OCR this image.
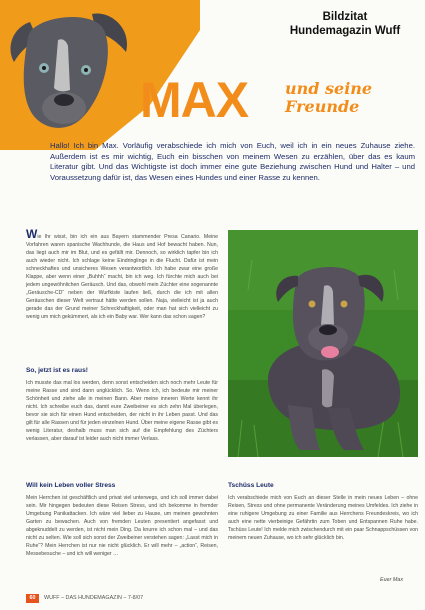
Bildzitat
Hundemagazin Wuff
MAX und seine Freunde
Hallo! Ich bin Max. Vorläufig verabschiede ich mich von Euch, weil ich in ein neues Zuhause ziehe. Außerdem ist es mir wichtig, Euch ein bisschen von meinem Wesen zu erzählen, über das es kaum Literatur gibt. Und das Wichtigste ist doch immer eine gute Beziehung zwischen Hund und Halter – und Voraussetzung dafür ist, das Wesen eines Hundes und einer Rasse zu kennen.

Wie Ihr wisst, bin ich ein aus Bayern stammender Presa Canario. Meine Vorfahren waren spanische Wachhunde, die Haus und Hof bewacht haben. Nun, das liegt auch mir im Blut, und es gefällt mir. Dennoch, so wirklich tapfer bin ich auch wieder nicht. Ich schlage keine Eindringlinge in die Flucht. Dafür ist mein schneckhaftes und unsicheres Wesen verantwortlich. Ich habe zwar eine große Klappe, aber wenn einer „Buhhh“ macht, bin ich weg. Ich fürchte mich auch bei jedem ungewöhnlichen Geräusch. Und das, obwohl mein Züchter eine sogenannte „Geräusche-CD“ neben der Wurfkiste laufen ließ, durch die ich mit allen Geräuschen dieser Welt vertraut hätte werden sollen. Naja, vielleicht ist ja auch gerade das der Grund meiner Schreckhaftigkeit, oder man hat sich vielleicht zu wenig um mich gekümmert, als ich ein Baby war. Wer kann das schon sagen?

So, jetzt ist es raus!
Ich musste das mal los werden, denn sonst entscheiden sich noch mehr Leute für meine Rasse und sind dann unglücklich. So. Wenn ich, ich bedeute mir meiner Schönheit und ziehe alle in meinen Bann. Aber meine inneren Werte kennt ihr nicht. Ich schreibe euch das, damit eure Zweibeiner es sich zehn Mal überlegen, bevor sie sich für einen Hund entscheiden, der nicht in ihr Leben passt. Und das gilt für alle Rassen und für jeden einzelnen Hund. Über meine eigene Rasse gibt es wenig Literatur, deshalb muss man sich auf die Empfehlung des Züchters verlassen, aber darauf ist leider auch nicht immer Verlass.
Will kein Leben voller Stress
Mein Herrchen ist geschäftlich und privat viel unterwegs, und ich soll immer dabei sein. Mir hingegen bedeuten diese Reisen Stress, und ich bekomme in fremder Umgebung Panikattacken. Ich wäre viel lieber zu Hause, um meinen gewohnten Garten zu bewachen. Auch von fremden Leuten presentiert angefasst und abgeknuddelt zu werden, ist nicht mein Ding. Da knurre ich schon mal – und das nicht zu selten. Wie soll sich sonst der Zweibeiner verstehen sagen: „Lasst mich in Ruhe“? Mein Herrchen ist nur nie nicht glücklich. Er will mehr – „action“, Reisen, Messebesuche – und ich will weniger …
Tschüss Leute
Ich verabschiede mich von Euch an dieser Stelle in mein neues Leben – ohne Reisen, Stress und ohne permanente Veränderung meines Umfeldes. Ich ziehe in eine ruhigere Umgebung zu einer Familie aus Herrchens Freundeskreis, wo ich auch eine nette vierbeinige Gefährtin zum Toben und Entspannen Ruhe habe. Tschüss Leute! Ich melde mich zwischendurch mit ein paar Schnappschüssen von meinem neuen Zuhause, wo ich sehr glücklich bin.
Euer Max
60	WUFF – DAS HUNDEMAGAZIN – 7-8/07
